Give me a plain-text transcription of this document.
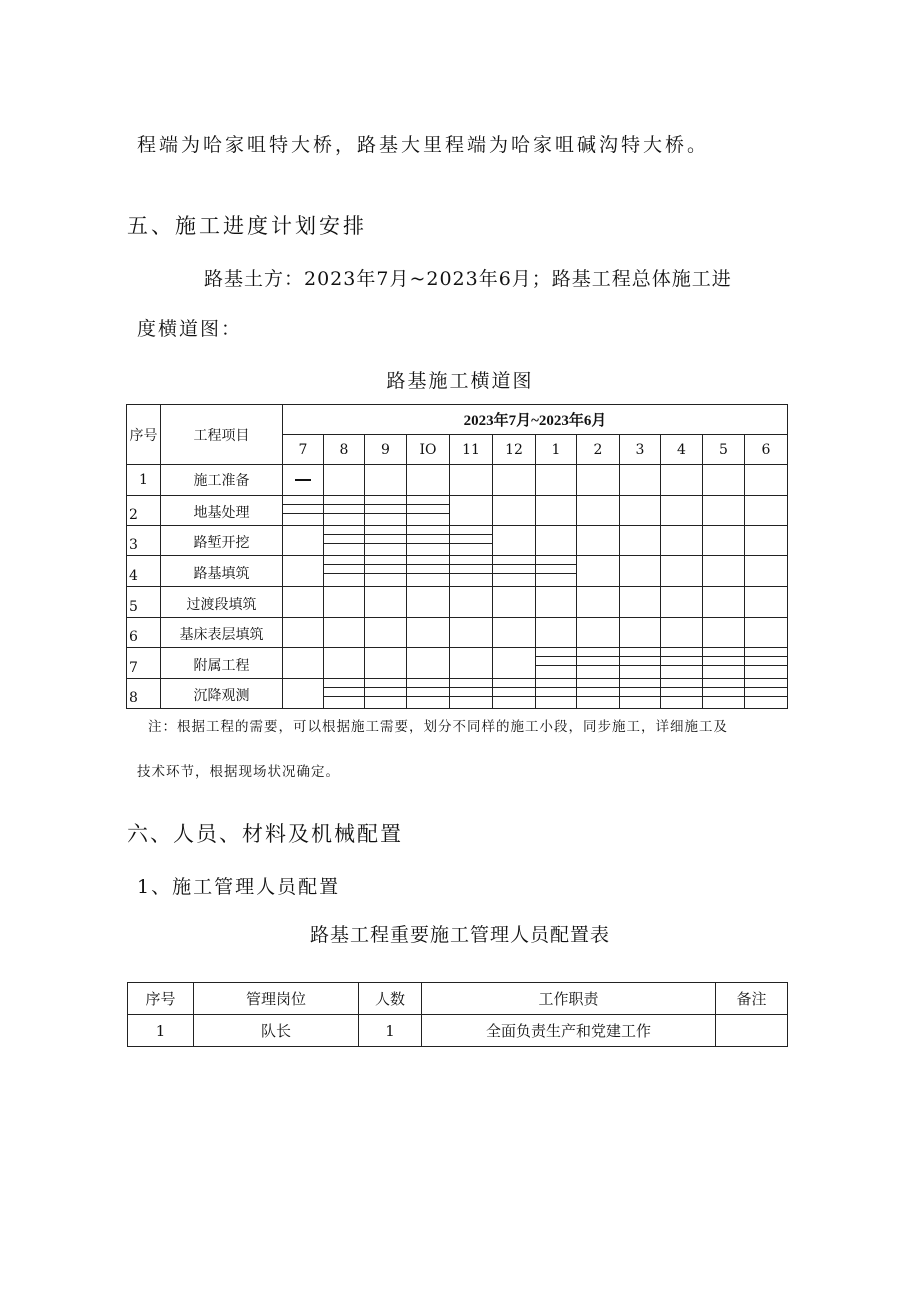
程端为哈家咀特大桥，路基大里程端为哈家咀碱沟特大桥。
五、施工进度计划安排
路基土方：2023年7月~2023年6月；路基工程总体施工进
度横道图：
路基施工横道图
序号	工程项目	2023年7月~2023年6月											
		7	8	9	IO	11	12	1	2	3	4	5	6
1	施工准备												

2	地基处理												

3	路堑开挖												

4	路基填筑												

5	过渡段填筑												

6	基床表层填筑												

7	附属工程												

8	沉降观测												

注：根据工程的需要，可以根据施工需要，划分不同样的施工小段，同步施工，详细施工及
技术环节，根据现场状况确定。
六、人员、材料及机械配置
1、施工管理人员配置
路基工程重要施工管理人员配置表
序号	管理岗位	人数	工作职责	备注
1	队长	1	全面负责生产和党建工作	
